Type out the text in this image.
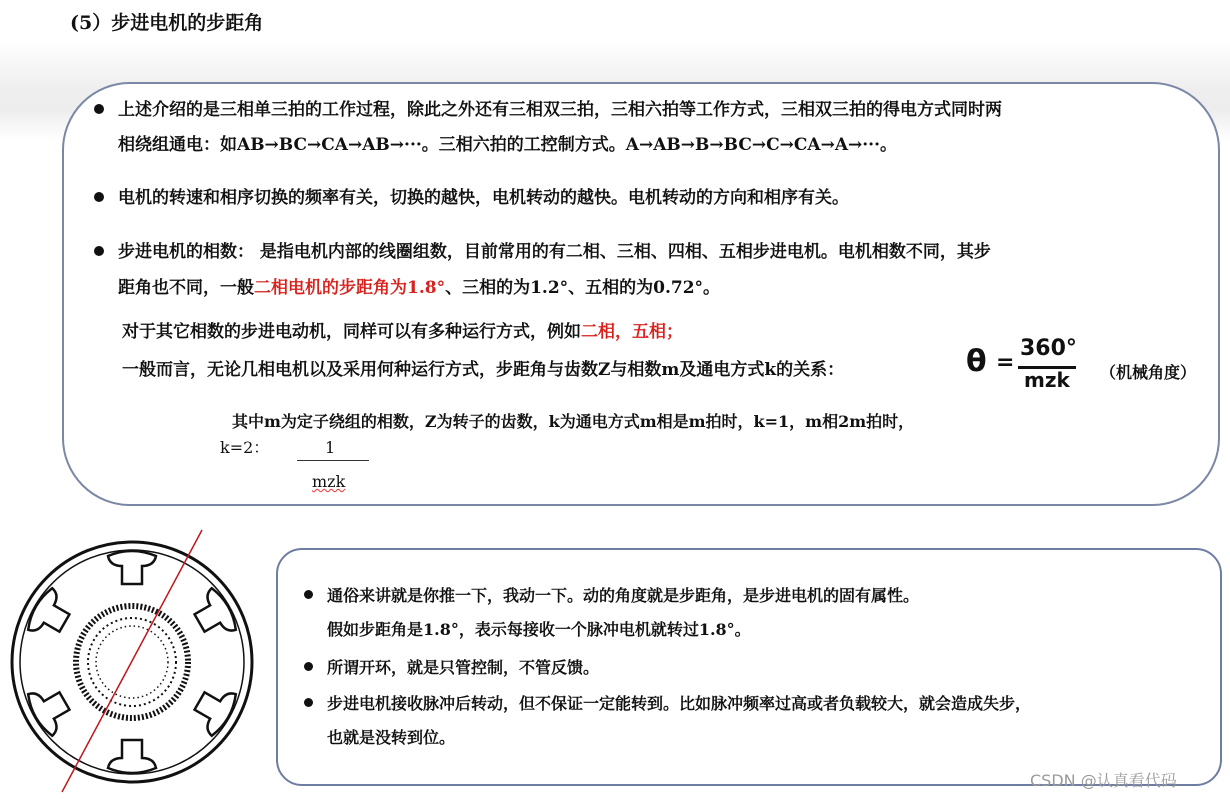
(5）步进电机的步距角
上述介绍的是三相单三拍的工作过程，除此之外还有三相双三拍，三相六拍等工作方式，三相双三拍的得电方式同时两
相绕组通电：如AB→BC→CA→AB→···。三相六拍的工控制方式。A→AB→B→BC→C→CA→A→···。
电机的转速和相序切换的频率有关，切换的越快，电机转动的越快。电机转动的方向和相序有关。
步进电机的相数： 是指电机内部的线圈组数，目前常用的有二相、三相、四相、五相步进电机。电机相数不同，其步
距角也不同，一般二相电机的步距角为1.8°、三相的为1.2°、五相的为0.72°。
对于其它相数的步进电动机，同样可以有多种运行方式，例如二相，五相；
一般而言，无论几相电机以及采用何种运行方式，步距角与齿数Z与相数m及通电方式k的关系：	θ =
360°
mzk （机械角度）
其中m为定子绕组的相数，Z为转子的齿数，k为通电方式m相是m拍时，k=1，m相2m拍时，
k=2：	1
mzk
通俗来讲就是你推一下，我动一下。动的角度就是步距角，是步进电机的固有属性。
假如步距角是1.8°，表示每接收一个脉冲电机就转过1.8°。
所谓开环，就是只管控制，不管反馈。
步进电机接收脉冲后转动，但不保证一定能转到。比如脉冲频率过高或者负载较大，就会造成失步，
也就是没转到位。
CSDN @认真看代码
